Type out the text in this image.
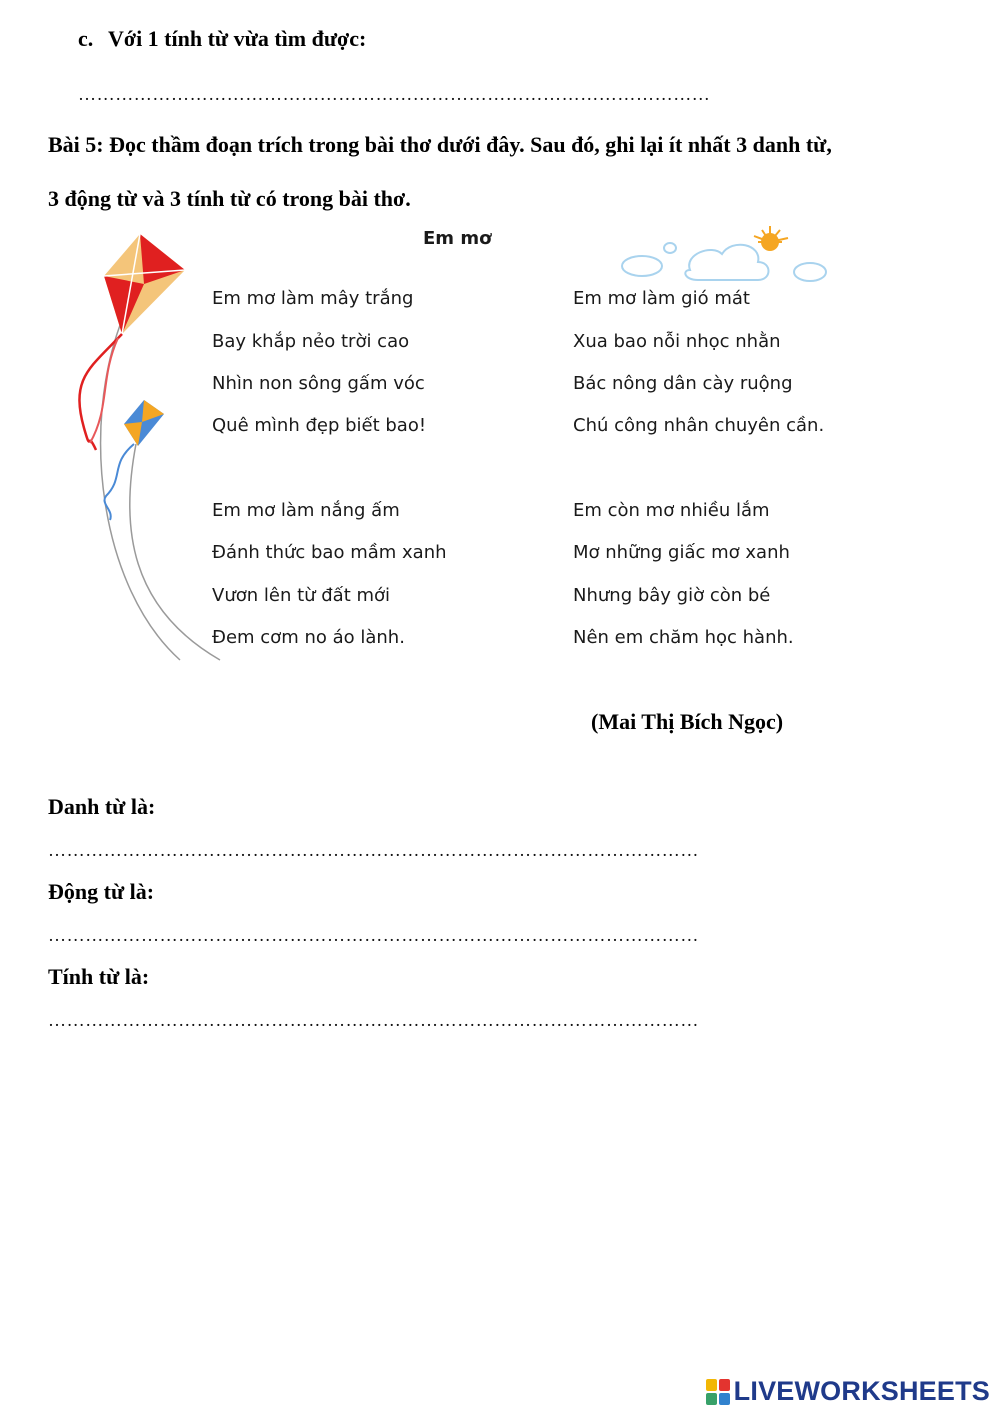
c. Với 1 tính từ vừa tìm được:
…………………………………………………………………………………………
Bài 5: Đọc thầm đoạn trích trong bài thơ dưới đây. Sau đó, ghi lại ít nhất 3 danh từ,
3 động từ và 3 tính từ có trong bài thơ.
Em mơ
Em mơ làm mây trắng
Bay khắp nẻo trời cao
Nhìn non sông gấm vóc
Quê mình đẹp biết bao!
Em mơ làm nắng ấm
Đánh thức bao mầm xanh
Vươn lên từ đất mới
Đem cơm no áo lành.
Em mơ làm gió mát
Xua bao nỗi nhọc nhằn
Bác nông dân cày ruộng
Chú công nhân chuyên cần.
Em còn mơ nhiều lắm
Mơ những giấc mơ xanh
Nhưng bây giờ còn bé
Nên em chăm học hành.
(Mai Thị Bích Ngọc)
Danh từ là:
……………………………………………………………………………………………
Động từ là:
……………………………………………………………………………………………
Tính từ là:
……………………………………………………………………………………………
LIVEWORKSHEETS
